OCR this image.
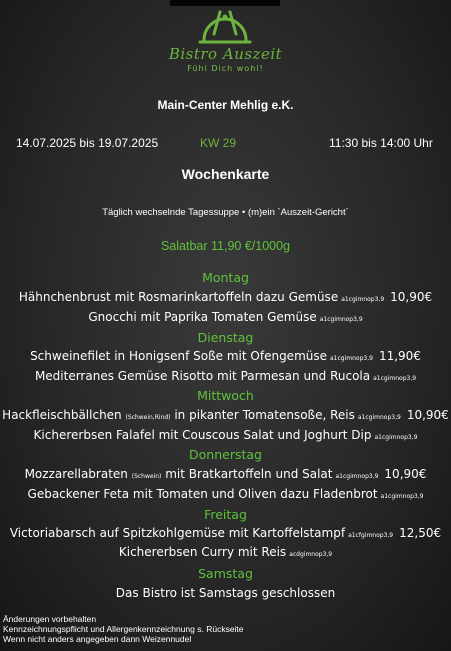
Bistro Auszeit
Fühl Dich wohl!
Main-Center Mehlig e.K.
14.07.2025 bis 19.07.2025	KW 29	11:30 bis 14:00 Uhr
Wochenkarte
Täglich wechselnde Tagessuppe • (m)ein `Auszeit-Gericht´
Salatbar 11,90 €/1000g
Montag
Hähnchenbrust mit Rosmarinkartoffeln dazu Gemüse a1cgimnop3,9 10,90€
Gnocchi mit Paprika Tomaten Gemüse a1cgimnop3,9
Dienstag
Schweinefilet in Honigsenf Soße mit Ofengemüse a1cgimnop3,9 11,90€
Mediterranes Gemüse Risotto mit Parmesan und Rucola a1cgimnop3,9
Mittwoch
Hackfleischbällchen (Schwein,Rind) in pikanter Tomatensoße, Reis a1cgimnop3,9 10,90€
Kichererbsen Falafel mit Couscous Salat und Joghurt Dip a1cgimnop3,9
Donnerstag
Mozzarellabraten (Schwein) mit Bratkartoffeln und Salat a1cgimnop3,9 10,90€
Gebackener Feta mit Tomaten und Oliven dazu Fladenbrot a1cgimnop3,9
Freitag
Victoriabarsch auf Spitzkohlgemüse mit Kartoffelstampf a1cfgimnop3,9 12,50€
Kichererbsen Curry mit Reis acdgimnop3,9
Samstag
Das Bistro ist Samstags geschlossen
Änderungen vorbehalten
Kennzeichnungspflicht und Allergenkennzeichnung s. Rückseite
Wenn nicht anders angegeben dann Weizennudel
